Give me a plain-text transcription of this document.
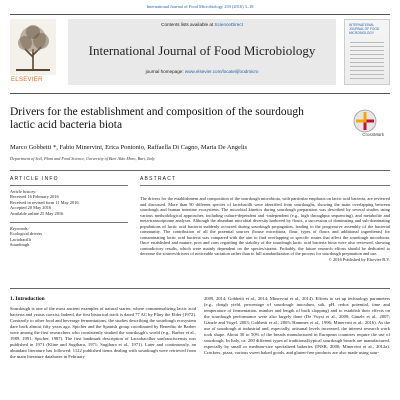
International Journal of Food Microbiology 239 (2016) 3–18
ELSEVIER
Contents lists available at ScienceDirect
International Journal of Food Microbiology
journal homepage: www.elsevier.com/locate/ijfoodmicro
INTERNATIONAL JOURNAL OF FOOD MICROBIOLOGY
Drivers for the establishment and composition of the sourdough lactic acid bacteria biota
CrossMark
Marco Gobbetti *, Fabio Minervini, Erica Pontonio, Raffaella Di Cagno, Maria De Angelis
Department of Soil, Plant and Food Science, University of Bari Aldo Moro, Bari, Italy
ARTICLE INFO	ABSTRACT
Article history:
Received 16 February 2016
Received in revised form 11 May 2016
Accepted 20 May 2016
Available online 25 May 2016
Keywords:
Ecological drivers
Lactobacilli
Sourdough
The drivers for the establishment and composition of the sourdough microbiota, with particular emphasis on lactic acid bacteria, are reviewed and discussed. More than 90 different species of lactobacilli were identified from sourdoughs, showing the main overlapping between sourdough and human intestine ecosystems. The microbial kinetics during sourdough preparation was described by several studies using various methodological approaches, including culture-dependent and -independent (e.g., high throughput sequencing), and metabolite and meta-transcriptome analyses. Although the abundant microbial diversity harbored by flours, a succession of dominating and sub-dominating populations of lactic acid bacteria suddenly occurred during sourdough propagation, leading to the progressive assembly of the bacterial community. The contribution of all the potential sources (house microbiota, flour, types of flours and additional ingredients) for contaminating lactic acid bacteria was compared with the aim to find overlapping or specific routes that affect the sourdough microbiota. Once established and mature, pros and cons regarding the stability of the sourdough lactic acid bacteria biota were also reviewed, showing contradictory results, which were mainly dependent on the species/strains. Probably, the future research efforts should be dedicated to decrease the sources/drivers of noticeable variation rather than to full standardization of the process for sourdough preparation and use.
© 2016 Published by Elsevier B.V.
1. Introduction
Sourdough is one of the most ancient examples of natural starter, where commensalizing lactic acid bacteria and yeasts coexist. Indeed, the first historical track is dated 77 AC by Pliny the Elder (1972). Contrarily to other food and beverage fermentations, the studies describing the sourdough ecosystem dare back almost fifty years ago. Spicher and the Spanish group coordinated by Benedito de Barber were among the first researchers who consistently studied the sourdough's world (e.g., Barber et al., 1989, 1991; Spicher, 1987). The first landmark description of Lactobacillus sanfranciscensis was published in 1971 (Kline and Sugihara, 1971; Sugihara et al., 1971). Later and continuously, an abundant literature has followed: 1122 published items dealing with sourdough were retrieved from the main literature databases in February
2009, 2014; Gobbetti et al., 2014; Minervini et al., 2014). Efforts to set up technology parameters (e.g., dough yield, percentage of sourdough inoculum, salt, pH, redox potential, time and temperature of fermentation, number and length of back slopping) and to establish their effects on the sourdough performance were also largely done (De Vuyst et al., 2009; Gänzle et al., 2007; Gänzle and Vogel, 2003; Gobbetti et al., 2005; Hammes et al., 1996; Minervini et al., 2016). As the use of sourdough at industrial and, especially, artisanal levels increased, the interest research work took shape. About 30 to 50% of the breads manufactured in European countries require the use of sourdough. In Italy, ca. 200 different types of traditional/typical sourdough breads are manufactured, especially by small or medium-size specialized bakeries (INSR, 2000; Minervini et al., 2012a). Crackers, pizza, various sweet baked goods, and gluten-free products are also made using sour-
